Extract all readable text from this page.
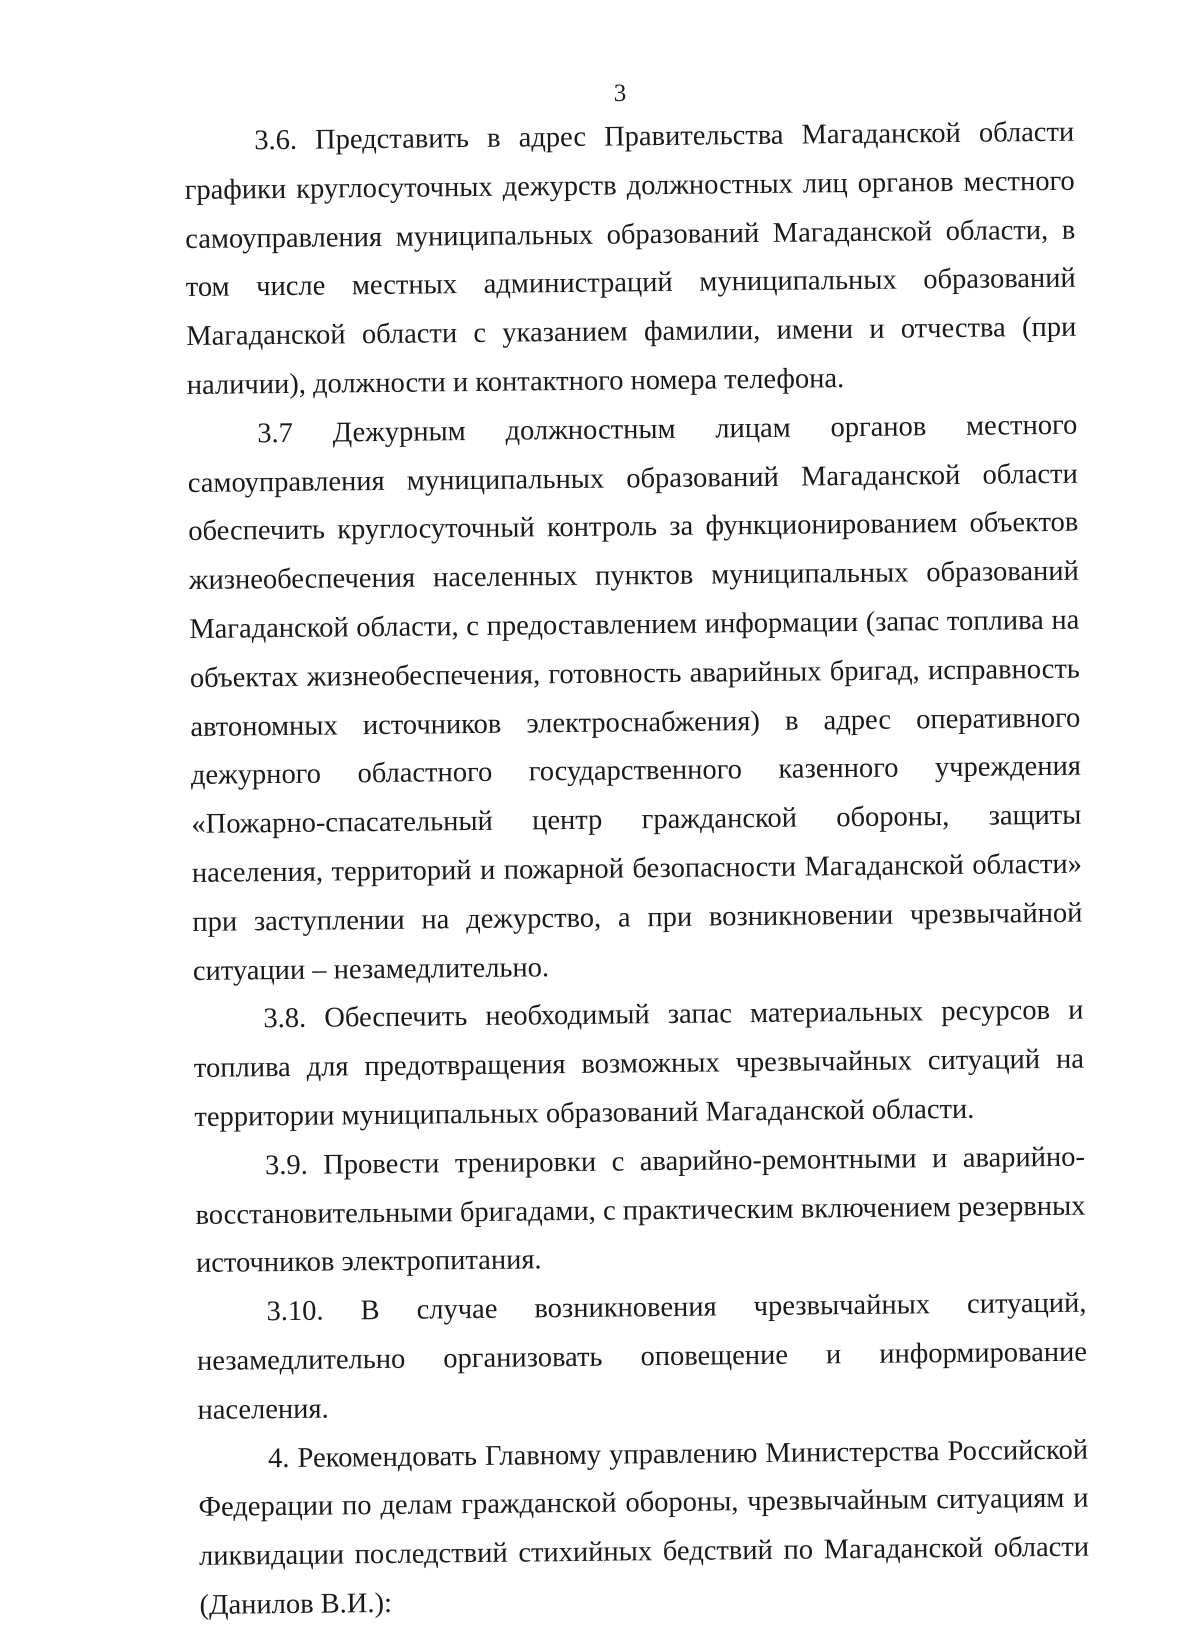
3

3.6. Представить в адрес Правительства Магаданской области графики круглосуточных дежурств должностных лиц органов местного самоуправления муниципальных образований Магаданской области, в том числе местных администраций муниципальных образований Магаданской области с указанием фамилии, имени и отчества (при наличии), должности и контактного номера телефона.

3.7 Дежурным должностным лицам органов местного самоуправления муниципальных образований Магаданской области обеспечить круглосуточный контроль за функционированием объектов жизнеобеспечения населенных пунктов муниципальных образований Магаданской области, с предоставлением информации (запас топлива на объектах жизнеобеспечения, готовность аварийных бригад, исправность автономных источников электроснабжения) в адрес оперативного дежурного областного государственного казенного учреждения «Пожарно-спасательный центр гражданской обороны, защиты населения, территорий и пожарной безопасности Магаданской области» при заступлении на дежурство, а при возникновении чрезвычайной ситуации – незамедлительно.

3.8. Обеспечить необходимый запас материальных ресурсов и топлива для предотвращения возможных чрезвычайных ситуаций на территории муниципальных образований Магаданской области.

3.9. Провести тренировки с аварийно-ремонтными и аварийно-восстановительными бригадами, с практическим включением резервных источников электропитания.

3.10. В случае возникновения чрезвычайных ситуаций, незамедлительно организовать оповещение и информирование населения.

4. Рекомендовать Главному управлению Министерства Российской Федерации по делам гражданской обороны, чрезвычайным ситуациям и ликвидации последствий стихийных бедствий по Магаданской области (Данилов В.И.):
